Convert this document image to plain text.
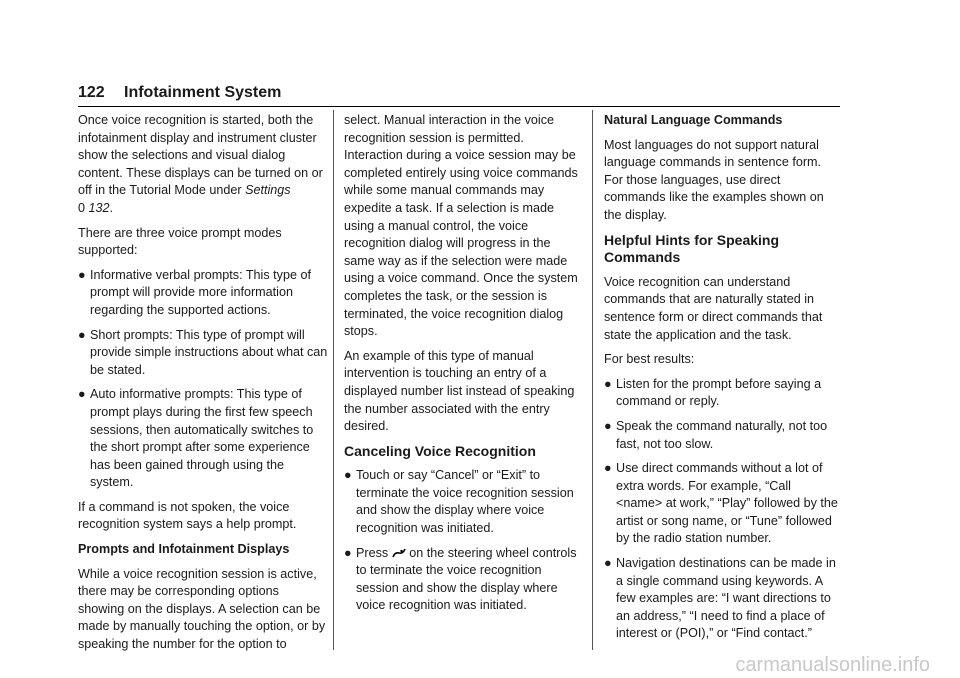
122 Infotainment System

Once voice recognition is started, both the infotainment display and instrument cluster show the selections and visual dialog content. These displays can be turned on or off in the Tutorial Mode under Settings
0 132.

There are three voice prompt modes supported:

● Informative verbal prompts: This type of prompt will provide more information regarding the supported actions.
● Short prompts: This type of prompt will provide simple instructions about what can be stated.
● Auto informative prompts: This type of prompt plays during the first few speech sessions, then automatically switches to the short prompt after some experience has been gained through using the system.

If a command is not spoken, the voice recognition system says a help prompt.

Prompts and Infotainment Displays

While a voice recognition session is active, there may be corresponding options showing on the displays. A selection can be made by manually touching the option, or by speaking the number for the option to

select. Manual interaction in the voice recognition session is permitted. Interaction during a voice session may be completed entirely using voice commands while some manual commands may expedite a task. If a selection is made using a manual control, the voice recognition dialog will progress in the same way as if the selection were made using a voice command. Once the system completes the task, or the session is terminated, the voice recognition dialog stops.

An example of this type of manual intervention is touching an entry of a displayed number list instead of speaking the number associated with the entry desired.

Canceling Voice Recognition
● Touch or say “Cancel” or “Exit” to terminate the voice recognition session and show the display where voice recognition was initiated.
● Press on the steering wheel controls to terminate the voice recognition session and show the display where voice recognition was initiated.

Natural Language Commands

Most languages do not support natural language commands in sentence form. For those languages, use direct commands like the examples shown on the display.

Helpful Hints for Speaking Commands

Voice recognition can understand commands that are naturally stated in sentence form or direct commands that state the application and the task.

For best results:

● Listen for the prompt before saying a command or reply.
● Speak the command naturally, not too fast, not too slow.
● Use direct commands without a lot of extra words. For example, “Call <name> at work,” “Play” followed by the artist or song name, or “Tune” followed by the radio station number.
● Navigation destinations can be made in a single command using keywords. A few examples are: “I want directions to an address,” “I need to find a place of interest or (POI),” or “Find contact.”
carmanualsonline.info
